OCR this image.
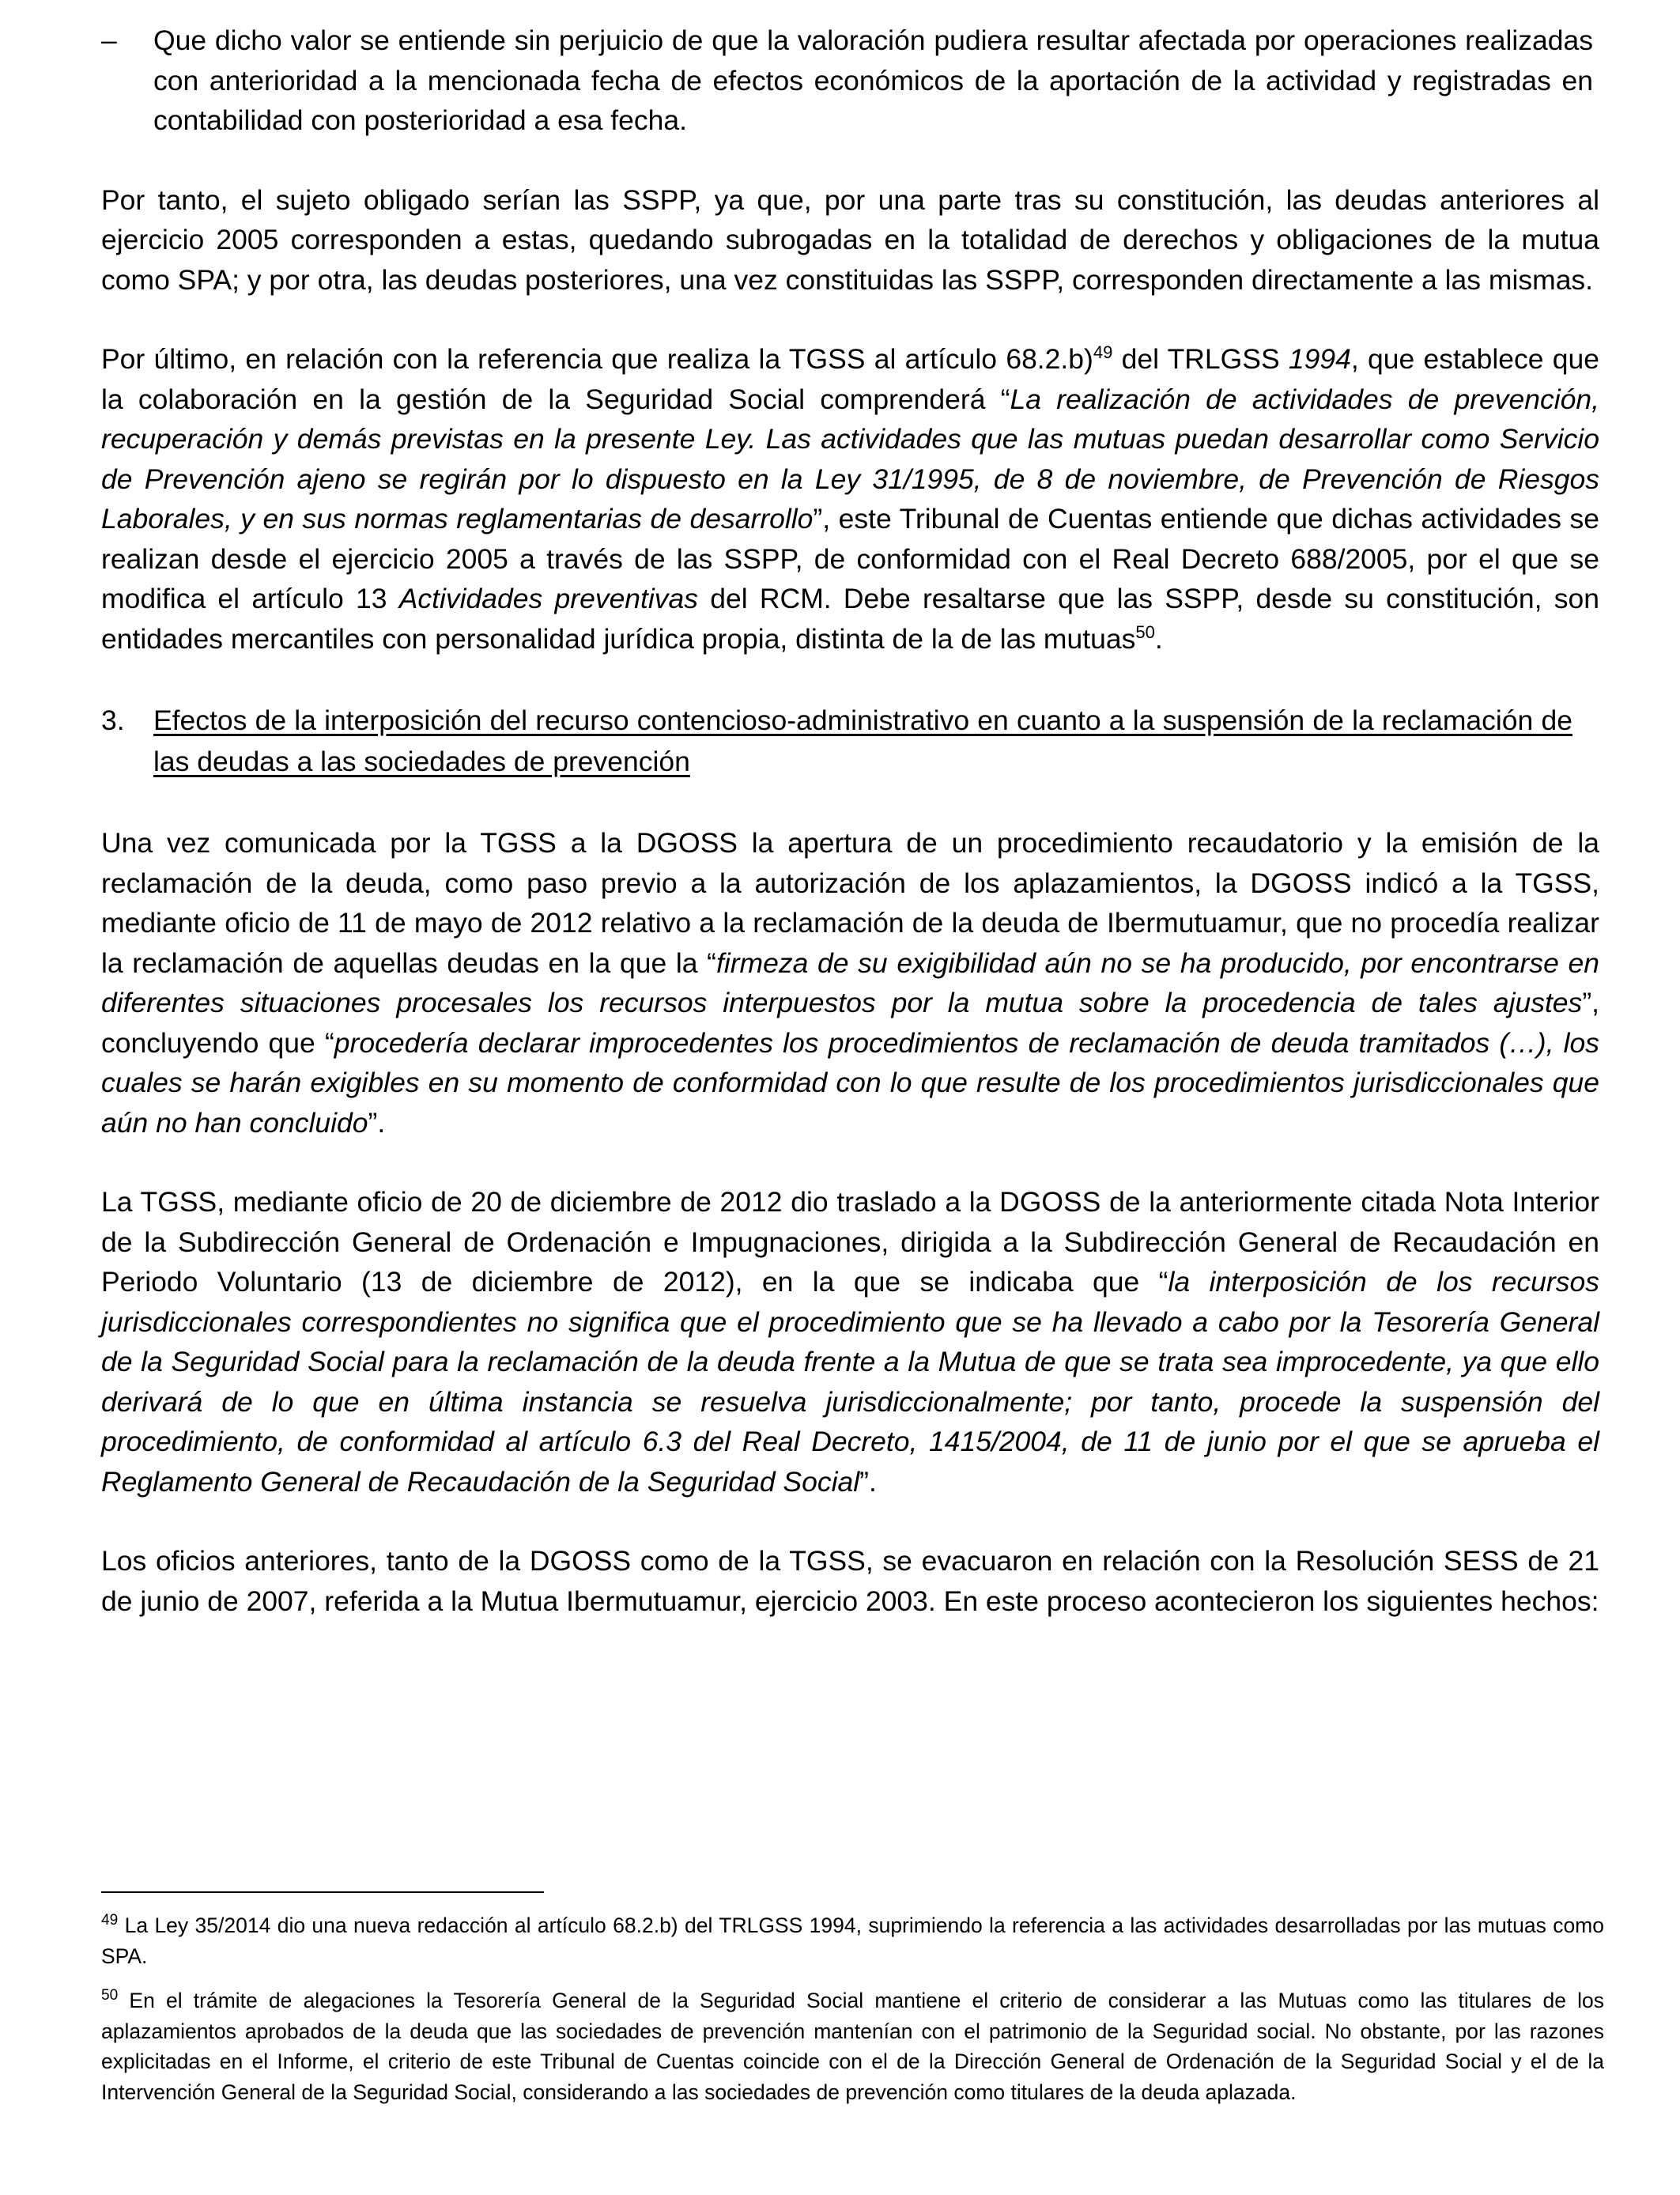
–	Que dicho valor se entiende sin perjuicio de que la valoración pudiera resultar afectada por operaciones realizadas con anterioridad a la mencionada fecha de efectos económicos de la aportación de la actividad y registradas en contabilidad con posterioridad a esa fecha.

Por tanto, el sujeto obligado serían las SSPP, ya que, por una parte tras su constitución, las deudas anteriores al ejercicio 2005 corresponden a estas, quedando subrogadas en la totalidad de derechos y obligaciones de la mutua como SPA; y por otra, las deudas posteriores, una vez constituidas las SSPP, corresponden directamente a las mismas.

Por último, en relación con la referencia que realiza la TGSS al artículo 68.2.b)$^{49}$ del TRLGSS 1994, que establece que la colaboración en la gestión de la Seguridad Social comprenderá “La realización de actividades de prevención, recuperación y demás previstas en la presente Ley. Las actividades que las mutuas puedan desarrollar como Servicio de Prevención ajeno se regirán por lo dispuesto en la Ley 31/1995, de 8 de noviembre, de Prevención de Riesgos Laborales, y en sus normas reglamentarias de desarrollo”, este Tribunal de Cuentas entiende que dichas actividades se realizan desde el ejercicio 2005 a través de las SSPP, de conformidad con el Real Decreto 688/2005, por el que se modifica el artículo 13 Actividades preventivas del RCM. Debe resaltarse que las SSPP, desde su constitución, son entidades mercantiles con personalidad jurídica propia, distinta de la de las mutuas$^{50}$.

3.	Efectos de la interposición del recurso contencioso-administrativo en cuanto a la suspensión de la reclamación de las deudas a las sociedades de prevención

Una vez comunicada por la TGSS a la DGOSS la apertura de un procedimiento recaudatorio y la emisión de la reclamación de la deuda, como paso previo a la autorización de los aplazamientos, la DGOSS indicó a la TGSS, mediante oficio de 11 de mayo de 2012 relativo a la reclamación de la deuda de Ibermutuamur, que no procedía realizar la reclamación de aquellas deudas en la que la “firmeza de su exigibilidad aún no se ha producido, por encontrarse en diferentes situaciones procesales los recursos interpuestos por la mutua sobre la procedencia de tales ajustes”, concluyendo que “procedería declarar improcedentes los procedimientos de reclamación de deuda tramitados (…), los cuales se harán exigibles en su momento de conformidad con lo que resulte de los procedimientos jurisdiccionales que aún no han concluido”.

La TGSS, mediante oficio de 20 de diciembre de 2012 dio traslado a la DGOSS de la anteriormente citada Nota Interior de la Subdirección General de Ordenación e Impugnaciones, dirigida a la Subdirección General de Recaudación en Periodo Voluntario (13 de diciembre de 2012), en la que se indicaba que “la interposición de los recursos jurisdiccionales correspondientes no significa que el procedimiento que se ha llevado a cabo por la Tesorería General de la Seguridad Social para la reclamación de la deuda frente a la Mutua de que se trata sea improcedente, ya que ello derivará de lo que en última instancia se resuelva jurisdiccionalmente; por tanto, procede la suspensión del procedimiento, de conformidad al artículo 6.3 del Real Decreto, 1415/2004, de 11 de junio por el que se aprueba el Reglamento General de Recaudación de la Seguridad Social”.

Los oficios anteriores, tanto de la DGOSS como de la TGSS, se evacuaron en relación con la Resolución SESS de 21 de junio de 2007, referida a la Mutua Ibermutuamur, ejercicio 2003. En este proceso acontecieron los siguientes hechos:

$^{49}$ La Ley 35/2014 dio una nueva redacción al artículo 68.2.b) del TRLGSS 1994, suprimiendo la referencia a las actividades desarrolladas por las mutuas como SPA.

$^{50}$ En el trámite de alegaciones la Tesorería General de la Seguridad Social mantiene el criterio de considerar a las Mutuas como las titulares de los aplazamientos aprobados de la deuda que las sociedades de prevención mantenían con el patrimonio de la Seguridad social. No obstante, por las razones explicitadas en el Informe, el criterio de este Tribunal de Cuentas coincide con el de la Dirección General de Ordenación de la Seguridad Social y el de la Intervención General de la Seguridad Social, considerando a las sociedades de prevención como titulares de la deuda aplazada.
